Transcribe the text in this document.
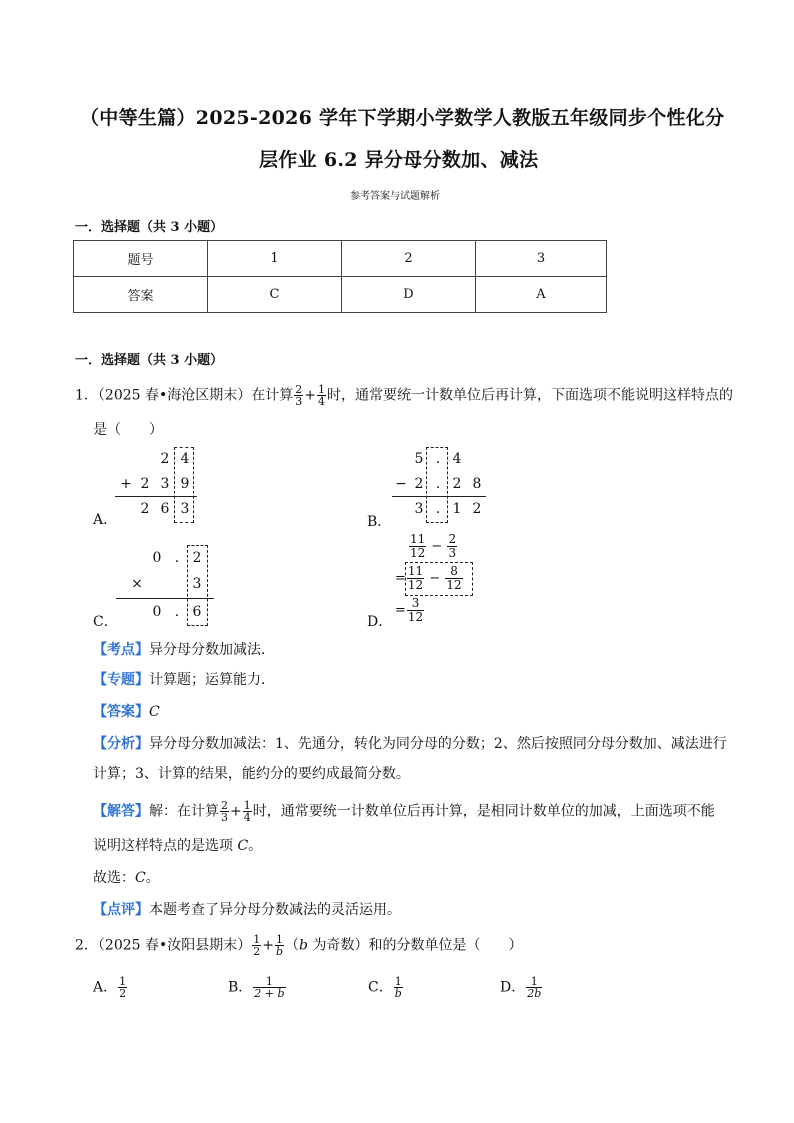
（中等生篇）2025-2026 学年下学期小学数学人教版五年级同步个性化分
层作业 6.2 异分母分数加、减法
参考答案与试题解析
一．选择题（共 3 小题）
题号	1	2	3
答案	C	D	A
一．选择题（共 3 小题）
1．（2025 春•海沧区期末）在计算 $\frac{2}{3} + \frac{1}{4}$ 时，通常要统一计数单位后再计算，下面选项不能说明这样特点的
是（　　）
A．
2 4
+ 2 3 9
2 6 3
B．
5 . 4
− 2 . 2 8
3 . 1 2
C．
0 . 2
×	3
0 . 6
D．
$\frac{11}{12} - \frac{2}{3}$
= $\frac{11}{12} - \frac{8}{12}$
= $\frac{3}{12}$
【考点】异分母分数加减法．
【专题】计算题；运算能力．
【答案】C
【分析】异分母分数加减法：1、先通分，转化为同分母的分数；2、然后按照同分母分数加、减法进行
计算；3、计算的结果，能约分的要约成最简分数。
【解答】解：在计算 $\frac{2}{3} + \frac{1}{4}$ 时，通常要统一计数单位后再计算，是相同计数单位的加减，上面选项不能
说明这样特点的是选项 C。
故选：C。
【点评】本题考查了异分母分数减法的灵活运用。
2．（2025 春•汝阳县期末） $\frac{1}{2} + \frac{1}{b} (b$ 为奇数）和的分数单位是（　　）
A． $\frac{1}{2}$	B． $\frac{1}{2 + b}$	C． $\frac{1}{b}$	D． $\frac{1}{2b}$
